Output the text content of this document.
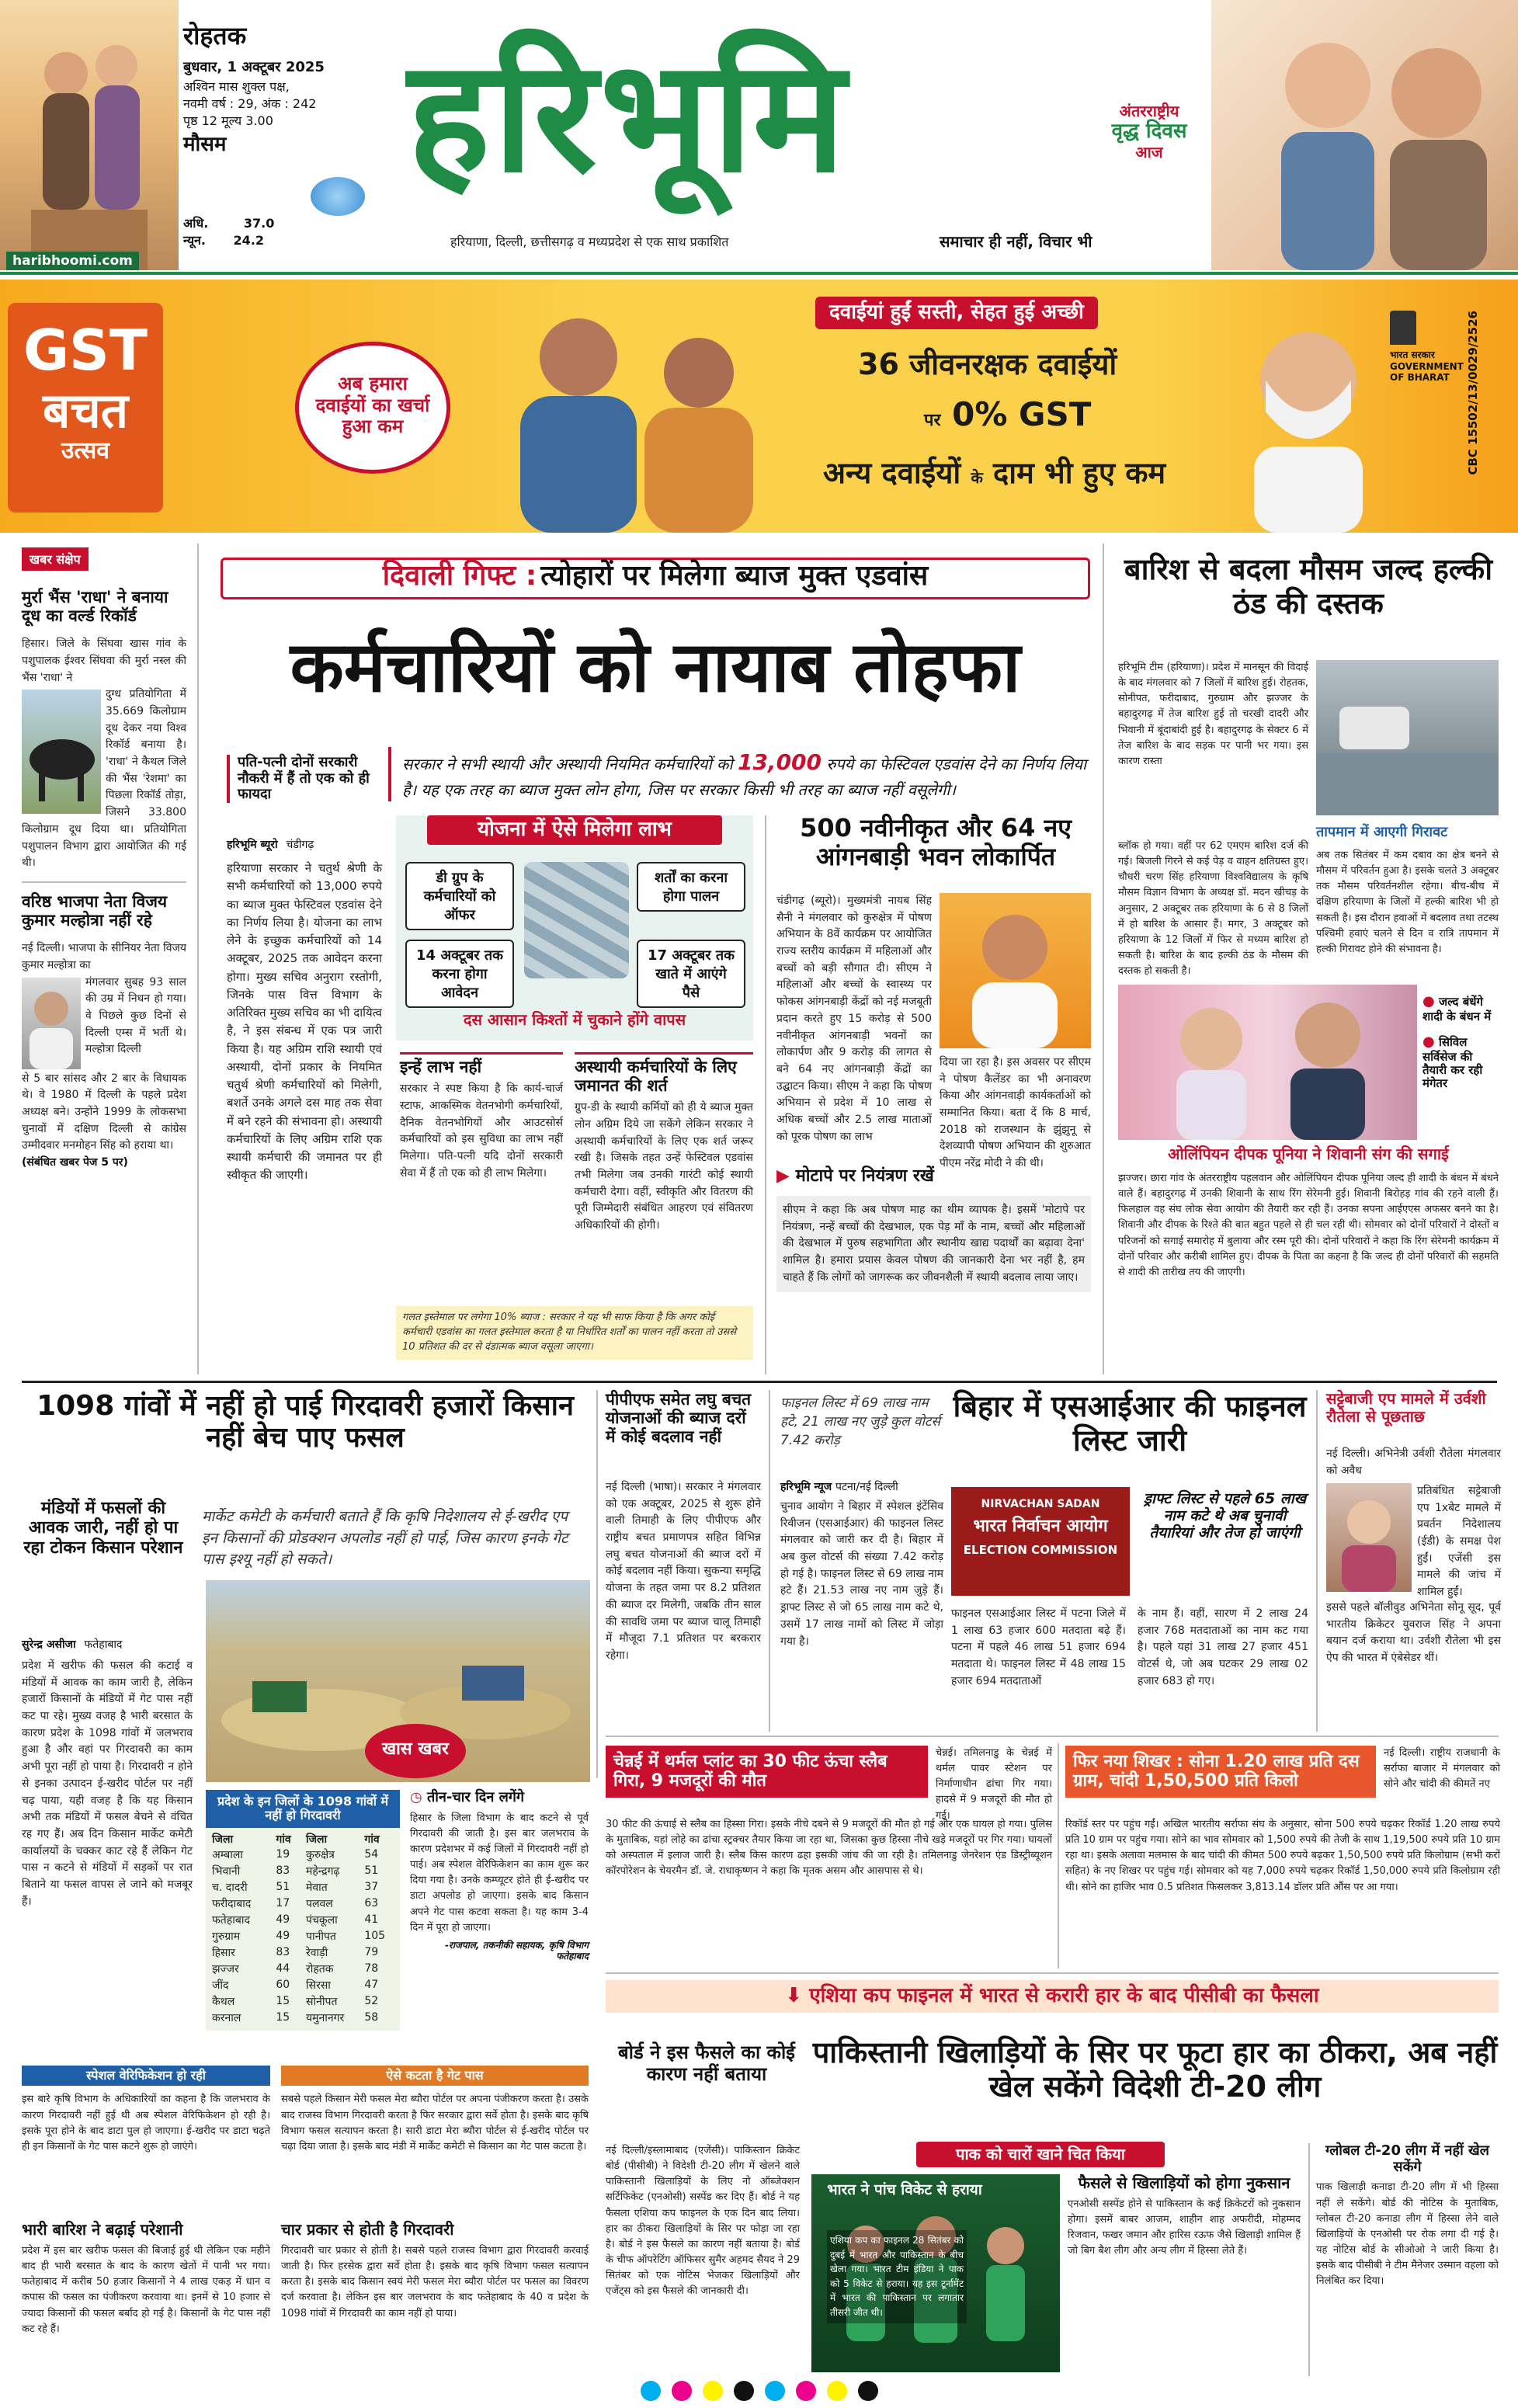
रोहतक
बुधवार, 1 अक्टूबर 2025
अश्विन मास शुक्ल पक्ष,
नवमी वर्ष : 29, अंक : 242
पृष्ठ 12 मूल्य 3.00
मौसम
अधि.	37.0
न्यून. 24.2
haribhoomi.com
हरिभूमि
हरियाणा, दिल्ली, छत्तीसगढ़ व मध्यप्रदेश से एक साथ प्रकाशित
अंतरराष्ट्रीय
वृद्ध दिवस
आज
समाचार ही नहीं, विचार भी
GST
बचत
उत्सव
अब हमारा दवाईयों का खर्चा हुआ कम
दवाईयां हुईं सस्ती, सेहत हुई अच्छी
36 जीवनरक्षक दवाईयों
पर 0% GST
अन्य दवाईयों के दाम भी हुए कम
भारत सरकार
GOVERNMENT
OF BHARAT	CBC 15502/13/0029/2526
खबर संक्षेप
मुर्रा भैंस 'राधा' ने बनाया दूध का वर्ल्ड रिकॉर्ड
हिसार। जिले के सिंघवा खास गांव के पशुपालक ईश्वर सिंघवा की मुर्रा नस्ल की भैंस 'राधा' ने
दुग्ध प्रतियोगिता में 35.669 किलोग्राम दूध देकर नया विश्व रिकॉर्ड बनाया है। 'राधा' ने कैथल जिले की भैंस 'रेशमा' का पिछला रिकॉर्ड तोड़ा, जिसने 33.800 किलोग्राम दूध दिया था। प्रतियोगिता पशुपालन विभाग द्वारा आयोजित की गई थी।
वरिष्ठ भाजपा नेता विजय कुमार मल्होत्रा नहीं रहे
नई दिल्ली। भाजपा के सीनियर नेता विजय कुमार मल्होत्रा का
मंगलवार सुबह 93 साल की उम्र में निधन हो गया। वे पिछले कुछ दिनों से दिल्ली एम्स में भर्ती थे। मल्होत्रा दिल्ली
से 5 बार सांसद और 2 बार के विधायक थे। वे 1980 में दिल्ली के पहले प्रदेश अध्यक्ष बने। उन्होंने 1999 के लोकसभा चुनावों में दक्षिण दिल्ली से कांग्रेस उम्मीदवार मनमोहन सिंह को हराया था।
(संबंधित खबर पेज 5 पर)
दिवाली गिफ्ट : त्योहारों पर मिलेगा ब्याज मुक्त एडवांस
कर्मचारियों को नायाब तोहफा
पति-पत्नी दोनों सरकारी नौकरी में हैं तो एक को ही फायदा
सरकार ने सभी स्थायी और अस्थायी नियमित कर्मचारियों को 13,000 रुपये का फेस्टिवल एडवांस देने का निर्णय लिया है। यह एक तरह का ब्याज मुक्त लोन होगा, जिस पर सरकार किसी भी तरह का ब्याज नहीं वसूलेगी।
हरिभूमि ब्यूरो चंडीगढ़
हरियाणा सरकार ने चतुर्थ श्रेणी के सभी कर्मचारियों को 13,000 रुपये का ब्याज मुक्त फेस्टिवल एडवांस देने का निर्णय लिया है। योजना का लाभ लेने के इच्छुक कर्मचारियों को 14 अक्टूबर, 2025 तक आवेदन करना होगा। मुख्य सचिव अनुराग रस्तोगी, जिनके पास वित्त विभाग के अतिरिक्त मुख्य सचिव का भी दायित्व है, ने इस संबन्ध में एक पत्र जारी किया है। यह अग्रिम राशि स्थायी एवं अस्थायी, दोनों प्रकार के नियमित चतुर्थ श्रेणी कर्मचारियों को मिलेगी, बशर्ते उनके अगले दस माह तक सेवा में बने रहने की संभावना हो। अस्थायी कर्मचारियों के लिए अग्रिम राशि एक स्थायी कर्मचारी की जमानत पर ही स्वीकृत की जाएगी।
योजना में ऐसे मिलेगा लाभ
डी ग्रुप के कर्मचारियों को ऑफर
शर्तों का करना होगा पालन
14 अक्टूबर तक करना होगा आवेदन
17 अक्टूबर तक खाते में आएंगे पैसे
दस आसान किश्तों में चुकाने होंगे वापस
इन्हें लाभ नहीं
सरकार ने स्पष्ट किया है कि कार्य-चार्ज स्टाफ, आकस्मिक वेतनभोगी कर्मचारियों, दैनिक वेतनभोगियों और आउटसोर्स कर्मचारियों को इस सुविधा का लाभ नहीं मिलेगा। पति-पत्नी यदि दोनों सरकारी सेवा में हैं तो एक को ही लाभ मिलेगा।
अस्थायी कर्मचारियों के लिए जमानत की शर्त
ग्रुप-डी के स्थायी कर्मियों को ही ये ब्याज मुक्त लोन अग्रिम दिये जा सकेंगे लेकिन सरकार ने अस्थायी कर्मचारियों के लिए एक शर्त जरूर रखी है। जिसके तहत उन्हें फेस्टिवल एडवांस तभी मिलेगा जब उनकी गारंटी कोई स्थायी कर्मचारी देगा। वहीं, स्वीकृति और वितरण की पूरी जिम्मेदारी संबंधित आहरण एवं संवितरण अधिकारियों की होगी।
गलत इस्तेमाल पर लगेगा 10% ब्याज : सरकार ने यह भी साफ किया है कि अगर कोई कर्मचारी एडवांस का गलत इस्तेमाल करता है या निर्धारित शर्तों का पालन नहीं करता तो उससे 10 प्रतिशत की दर से दंडात्मक ब्याज वसूला जाएगा।
500 नवीनीकृत और 64 नए आंगनबाड़ी भवन लोकार्पित
चंडीगढ़ (ब्यूरो)। मुख्यमंत्री नायब सिंह सैनी ने मंगलवार को कुरुक्षेत्र में पोषण अभियान के 8वें कार्यक्रम पर आयोजित राज्य स्तरीय कार्यक्रम में महिलाओं और बच्चों को बड़ी सौगात दी। सीएम ने महिलाओं और बच्चों के स्वास्थ्य पर फोकस आंगनबाड़ी केंद्रों को नई मजबूती प्रदान करते हुए 15 करोड़ से 500 नवीनीकृत आंगनबाड़ी भवनों का लोकार्पण और 9 करोड़ की लागत से बने 64 नए आंगनबाड़ी केंद्रों का उद्घाटन किया। सीएम ने कहा कि पोषण अभियान से प्रदेश में 10 लाख से अधिक बच्चों और 2.5 लाख माताओं को पूरक पोषण का लाभ
दिया जा रहा है। इस अवसर पर सीएम ने पोषण कैलेंडर का भी अनावरण किया और आंगनवाड़ी कार्यकर्ताओं को सम्मानित किया। बता दें कि 8 मार्च, 2018 को राजस्थान के झुंझुनू से देशव्यापी पोषण अभियान की शुरुआत पीएम नरेंद्र मोदी ने की थी।
▶ मोटापे पर नियंत्रण रखें
सीएम ने कहा कि अब पोषण माह का थीम व्यापक है। इसमें 'मोटापे पर नियंत्रण, नन्हें बच्चों की देखभाल, एक पेड़ माँ के नाम, बच्चों और महिलाओं की देखभाल में पुरुष सहभागिता और स्थानीय खाद्य पदार्थों का बढ़ावा देना' शामिल है। हमारा प्रयास केवल पोषण की जानकारी देना भर नहीं है, हम चाहते हैं कि लोगों को जागरूक कर जीवनशैली में स्थायी बदलाव लाया जाए।
बारिश से बदला मौसम जल्द हल्की ठंड की दस्तक
हरिभूमि टीम (हरियाणा)। प्रदेश में मानसून की विदाई के बाद मंगलवार को 7 जिलों में बारिश हुई। रोहतक, सोनीपत, फरीदाबाद, गुरुग्राम और झज्जर के बहादुरगढ़ में तेज बारिश हुई तो चरखी दादरी और भिवानी में बूंदाबांदी हुई है। बहादुरगढ़ के सेक्टर 6 में तेज बारिश के बाद सड़क पर पानी भर गया। इस कारण रास्ता
ब्लॉक हो गया। वहीं पर 62 एमएम बारिश दर्ज की गई। बिजली गिरने से कई पेड़ व वाहन क्षतिग्रस्त हुए। चौधरी चरण सिंह हरियाणा विश्वविद्यालय के कृषि मौसम विज्ञान विभाग के अध्यक्ष डॉ. मदन खीचड़ के अनुसार, 2 अक्टूबर तक हरियाणा के 6 से 8 जिलों में हो बारिश के आसार हैं। मगर, 3 अक्टूबर को हरियाणा के 12 जिलों में फिर से मध्यम बारिश हो सकती है। बारिश के बाद हल्की ठंड के मौसम की दस्तक हो सकती है।
तापमान में आएगी गिरावट
अब तक सितंबर में कम दबाव का क्षेत्र बनने से मौसम में परिवर्तन हुआ है। इसके चलते 3 अक्टूबर तक मौसम परिवर्तनशील रहेगा। बीच-बीच में दक्षिण हरियाणा के जिलों में हल्की बारिश भी हो सकती है। इस दौरान हवाओं में बदलाव तथा तटस्थ पश्चिमी हवाएं चलने से दिन व रात्रि तापमान में हल्की गिरावट होने की संभावना है।
● जल्द बंधेंगे शादी के बंधन में
● सिविल सर्विसेज की तैयारी कर रही मंगेतर
ओलिंपियन दीपक पूनिया ने शिवानी संग की सगाई
झज्जर। छारा गांव के अंतरराष्ट्रीय पहलवान और ओलिंपियन दीपक पूनिया जल्द ही शादी के बंधन में बंधने वाले हैं। बहादुरगढ़ में उनकी शिवानी के साथ रिंग सेरेमनी हुई। शिवानी बिरोहड़ गांव की रहने वाली हैं। फिलहाल वह संघ लोक सेवा आयोग की तैयारी कर रही हैं। उनका सपना आईएएस अफसर बनने का है। शिवानी और दीपक के रिश्ते की बात बहुत पहले से ही चल रही थी। सोमवार को दोनों परिवारों ने दोस्तों व परिजनों को सगाई समारोह में बुलाया और रस्म पूरी की। दोनों परिवारों ने कहा कि रिंग सेरेमनी कार्यक्रम में दोनों परिवार और करीबी शामिल हुए। दीपक के पिता का कहना है कि जल्द ही दोनों परिवारों की सहमति से शादी की तारीख तय की जाएगी।
1098 गांवों में नहीं हो पाई गिरदावरी हजारों किसान नहीं बेच पाए फसल
मंडियों में फसलों की आवक जारी, नहीं हो पा रहा टोकन किसान परेशान
मार्केट कमेटी के कर्मचारी बताते हैं कि कृषि निदेशालय से ई-खरीद एप इन किसानों की प्रोडक्शन अपलोड नहीं हो पाई, जिस कारण इनके गेट पास इश्यू नहीं हो सकते।
सुरेन्द्र असीजा फतेहाबाद
प्रदेश में खरीफ की फसल की कटाई व मंडियों में आवक का काम जारी है, लेकिन हजारों किसानों के मंडियों में गेट पास नहीं कट पा रहे। मुख्य वजह है भारी बरसात के कारण प्रदेश के 1098 गांवों में जलभराव हुआ है और वहां पर गिरदावरी का काम अभी पूरा नहीं हो पाया है। गिरदावरी न होने से इनका उत्पादन ई-खरीद पोर्टल पर नहीं चढ़ पाया, यही वजह है कि यह किसान अभी तक मंडियों में फसल बेचने से वंचित रह गए हैं। अब दिन किसान मार्केट कमेटी कार्यालयों के चक्कर काट रहे हैं लेकिन गेट पास न कटने से मंडियों में सड़कों पर रात बिताने या फसल वापस ले जाने को मजबूर हैं।
खास खबर
प्रदेश के इन जिलों के 1098 गांवों में नहीं हो गिरदावरी
जिला	गांव
अम्बाला	19
भिवानी	83
च. दादरी	51
फरीदाबाद	17
फतेहाबाद	49
गुरुग्राम	49
हिसार	83
झज्जर	44
जींद	60
कैथल	15
करनाल	15
जिला	गांव
कुरुक्षेत्र	54
महेन्द्रगढ़	51
मेवात	37
पलवल	63
पंचकूला	41
पानीपत	105
रेवाड़ी	79
रोहतक	78
सिरसा	47
सोनीपत	52
यमुनानगर	58
◷ तीन-चार दिन लगेंगे
हिसार के जिला विभाग के बाद कटने से पूर्व गिरदावरी की जाती है। इस बार जलभराव के कारण प्रदेशभर में कई जिलों में गिरदावरी नहीं हो पाई। अब स्पेशल वेरिफिकेशन का काम शुरू कर दिया गया है। उनके कम्प्यूटर होते ही ई-खरीद पर डाटा अपलोड हो जाएगा। इसके बाद किसान अपने गेट पास कटवा सकता है। यह काम 3-4 दिन में पूरा हो जाएगा।
-राजपाल, तकनीकी सहायक, कृषि विभाग फतेहाबाद
स्पेशल वेरिफिकेशन हो रही
इस बारे कृषि विभाग के अधिकारियों का कहना है कि जलभराव के कारण गिरदावरी नहीं हुई थी अब स्पेशल वेरिफिकेशन हो रही है। इसके पूरा होने के बाद डाटा पुल हो जाएगा। ई-खरीद पर डाटा चढ़ते ही इन किसानों के गेट पास कटने शुरू हो जाएंगे।
ऐसे कटता है गेट पास
सबसे पहले किसान मेरी फसल मेरा ब्यौरा पोर्टल पर अपना पंजीकरण करता है। उसके बाद राजस्व विभाग गिरदावरी करता है फिर सरकार द्वारा सर्वे होता है। इसके बाद कृषि विभाग फसल सत्यापन करता है। सारी डाटा मेरा ब्यौरा पोर्टल से ई-खरीद पोर्टल पर चढ़ा दिया जाता है। इसके बाद मंडी में मार्केट कमेटी से किसान का गेट पास कटता है।
भारी बारिश ने बढ़ाई परेशानी
प्रदेश में इस बार खरीफ फसल की बिजाई हुई थी लेकिन एक महीने बाद ही भारी बरसात के बाद के कारण खेतों में पानी भर गया। फतेहाबाद में करीब 50 हजार किसानों ने 4 लाख एकड़ में धान व कपास की फसल का पंजीकरण करवाया था। इनमें से 10 हजार से ज्यादा किसानों की फसल बर्बाद हो गई है। किसानों के गेट पास नहीं कट रहे हैं।
चार प्रकार से होती है गिरदावरी
गिरदावरी चार प्रकार से होती है। सबसे पहले राजस्व विभाग द्वारा गिरदावरी करवाई जाती है। फिर हरसेक द्वारा सर्वे होता है। इसके बाद कृषि विभाग फसल सत्यापन करता है। इसके बाद किसान स्वयं मेरी फसल मेरा ब्यौरा पोर्टल पर फसल का विवरण दर्ज करवाता है। लेकिन इस बार जलभराव के बाद फतेहाबाद के 40 व प्रदेश के 1098 गांवों में गिरदावरी का काम नहीं हो पाया।
पीपीएफ समेत लघु बचत योजनाओं की ब्याज दरों में कोई बदलाव नहीं
नई दिल्ली (भाषा)। सरकार ने मंगलवार को एक अक्टूबर, 2025 से शुरू होने वाली तिमाही के लिए पीपीएफ और राष्ट्रीय बचत प्रमाणपत्र सहित विभिन्न लघु बचत योजनाओं की ब्याज दरों में कोई बदलाव नहीं किया। सुकन्या समृद्धि योजना के तहत जमा पर 8.2 प्रतिशत की ब्याज दर मिलेगी, जबकि तीन साल की सावधि जमा पर ब्याज चालू तिमाही में मौजूदा 7.1 प्रतिशत पर बरकरार रहेगा।
फाइनल लिस्ट में 69 लाख नाम हटे, 21 लाख नए जुड़े कुल वोटर्स 7.42 करोड़
बिहार में एसआईआर की फाइनल लिस्ट जारी
NIRVACHAN SADAN
भारत निर्वाचन आयोग
ELECTION COMMISSION
ड्राफ्ट लिस्ट से पहले 65 लाख नाम कटे थे अब चुनावी तैयारियां और तेज हो जाएंगी
हरिभूमि न्यूज पटना/नई दिल्ली
चुनाव आयोग ने बिहार में स्पेशल इंटेंसिव रिवीजन (एसआईआर) की फाइनल लिस्ट मंगलवार को जारी कर दी है। बिहार में अब कुल वोटर्स की संख्या 7.42 करोड़ हो गई है। फाइनल लिस्ट से 69 लाख नाम हटे हैं। 21.53 लाख नए नाम जुड़े हैं। ड्राफ्ट लिस्ट से जो 65 लाख नाम कटे थे, उसमें 17 लाख नामों को लिस्ट में जोड़ा गया है।
फाइनल एसआईआर लिस्ट में पटना जिले में 1 लाख 63 हजार 600 मतदाता बढ़े हैं। पटना में पहले 46 लाख 51 हजार 694 मतदाता थे। फाइनल लिस्ट में 48 लाख 15 हजार 694 मतदाताओं
के नाम हैं। वहीं, सारण में 2 लाख 24 हजार 768 मतदाताओं का नाम कट गया है। पहले यहां 31 लाख 27 हजार 451 वोटर्स थे, जो अब घटकर 29 लाख 02 हजार 683 हो गए।
सट्टेबाजी एप मामले में उर्वशी रौतेला से पूछताछ
नई दिल्ली। अभिनेत्री उर्वशी रौतेला मंगलवार को अवैध
प्रतिबंधित सट्टेबाजी एप 1xबेट मामले में प्रवर्तन निदेशालय (ईडी) के समक्ष पेश हुईं। एजेंसी इस मामले की जांच में शामिल हुईं।
इससे पहले बॉलीवुड अभिनेता सोनू सूद, पूर्व भारतीय क्रिकेटर युवराज सिंह ने अपना बयान दर्ज कराया था। उर्वशी रौतेला भी इस ऐप की भारत में एंबेसेडर थीं।
चेन्नई में थर्मल प्लांट का 30 फीट ऊंचा स्लैब गिरा, 9 मजदूरों की मौत
चेन्नई। तमिलनाडु के चेन्नई में थर्मल पावर स्टेशन पर निर्माणाधीन ढांचा गिर गया। हादसे में 9 मजदूरों की मौत हो गई।
30 फीट की ऊंचाई से स्लैब का हिस्सा गिरा। इसके नीचे दबने से 9 मजदूरों की मौत हो गई और एक घायल हो गया। पुलिस के मुताबिक, यहां लोहे का ढांचा स्ट्रक्चर तैयार किया जा रहा था, जिसका कुछ हिस्सा नीचे खड़े मजदूरों पर गिर गया। घायलों को अस्पताल में इलाज जारी है। स्लैब किस कारण ढहा इसकी जांच की जा रही है। तमिलनाडु जेनरेशन एंड डिस्ट्रीब्यूशन कॉरपोरेशन के चेयरमैन डॉ. जे. राधाकृष्णन ने कहा कि मृतक असम और आसपास से थे।
फिर नया शिखर : सोना 1.20 लाख प्रति दस ग्राम, चांदी 1,50,500 प्रति किलो
नई दिल्ली। राष्ट्रीय राजधानी के सर्राफा बाजार में मंगलवार को सोने और चांदी की कीमतें नए
रिकॉर्ड स्तर पर पहुंच गईं। अखिल भारतीय सर्राफा संघ के अनुसार, सोना 500 रुपये चढ़कर रिकॉर्ड 1.20 लाख रुपये प्रति 10 ग्राम पर पहुंच गया। सोने का भाव सोमवार को 1,500 रुपये की तेजी के साथ 1,19,500 रुपये प्रति 10 ग्राम रहा था। इसके अलावा मलमास के बाद चांदी की कीमत 500 रुपये बढ़कर 1,50,500 रुपये प्रति किलोग्राम (सभी करों सहित) के नए शिखर पर पहुंच गई। सोमवार को यह 7,000 रुपये चढ़कर रिकॉर्ड 1,50,000 रुपये प्रति किलोग्राम रही थी। सोने का हाजिर भाव 0.5 प्रतिशत फिसलकर 3,813.14 डॉलर प्रति औंस पर आ गया।
⬇ एशिया कप फाइनल में भारत से करारी हार के बाद पीसीबी का फैसला
बोर्ड ने इस फैसले का कोई कारण नहीं बताया
पाकिस्तानी खिलाड़ियों के सिर पर फूटा हार का ठीकरा, अब नहीं खेल सकेंगे विदेशी टी-20 लीग
नई दिल्ली/इस्लामाबाद (एजेंसी)। पाकिस्तान क्रिकेट बोर्ड (पीसीबी) ने विदेशी टी-20 लीग में खेलने वाले पाकिस्तानी खिलाड़ियों के लिए नो ऑब्जेक्शन सर्टिफिकेट (एनओसी) सस्पेंड कर दिए हैं। बोर्ड ने यह फैसला एशिया कप फाइनल के एक दिन बाद लिया। हार का ठीकरा खिलाड़ियों के सिर पर फोड़ा जा रहा है। बोर्ड ने इस फैसले का कारण नहीं बताया है। बोर्ड के चीफ ऑपरेटिंग ऑफिसर सुमैर अहमद सैयद ने 29 सितंबर को एक नोटिस भेजकर खिलाड़ियों और एजेंट्स को इस फैसले की जानकारी दी।
पाक को चारों खाने चित किया
भारत ने पांच विकेट से हराया
एशिया कप का फाइनल 28 सितंबर को दुबई में भारत और पाकिस्तान के बीच खेला गया। भारत टीम इंडिया ने पाक को 5 विकेट से हराया। यह इस टूर्नामेंट में भारत की पाकिस्तान पर लगातार तीसरी जीत थी।
फैसले से खिलाड़ियों को होगा नुकसान
एनओसी सस्पेंड होने से पाकिस्तान के कई क्रिकेटरों को नुकसान होगा। इसमें बाबर आजम, शाहीन शाह अफरीदी, मोहम्मद रिजवान, फखर जमान और हारिस रऊफ जैसे खिलाड़ी शामिल हैं जो बिग बैश लीग और अन्य लीग में हिस्सा लेते हैं।
ग्लोबल टी-20 लीग में नहीं खेल सकेंगे
पाक खिलाड़ी कनाडा टी-20 लीग में भी हिस्सा नहीं ले सकेंगे। बोर्ड की नोटिस के मुताबिक, ग्लोबल टी-20 कनाडा लीग में हिस्सा लेने वाले खिलाड़ियों के एनओसी पर रोक लगा दी गई है। यह नोटिस बोर्ड के सीओओ ने जारी किया है। इसके बाद पीसीबी ने टीम मैनेजर उस्मान वहला को निलंबित कर दिया।
